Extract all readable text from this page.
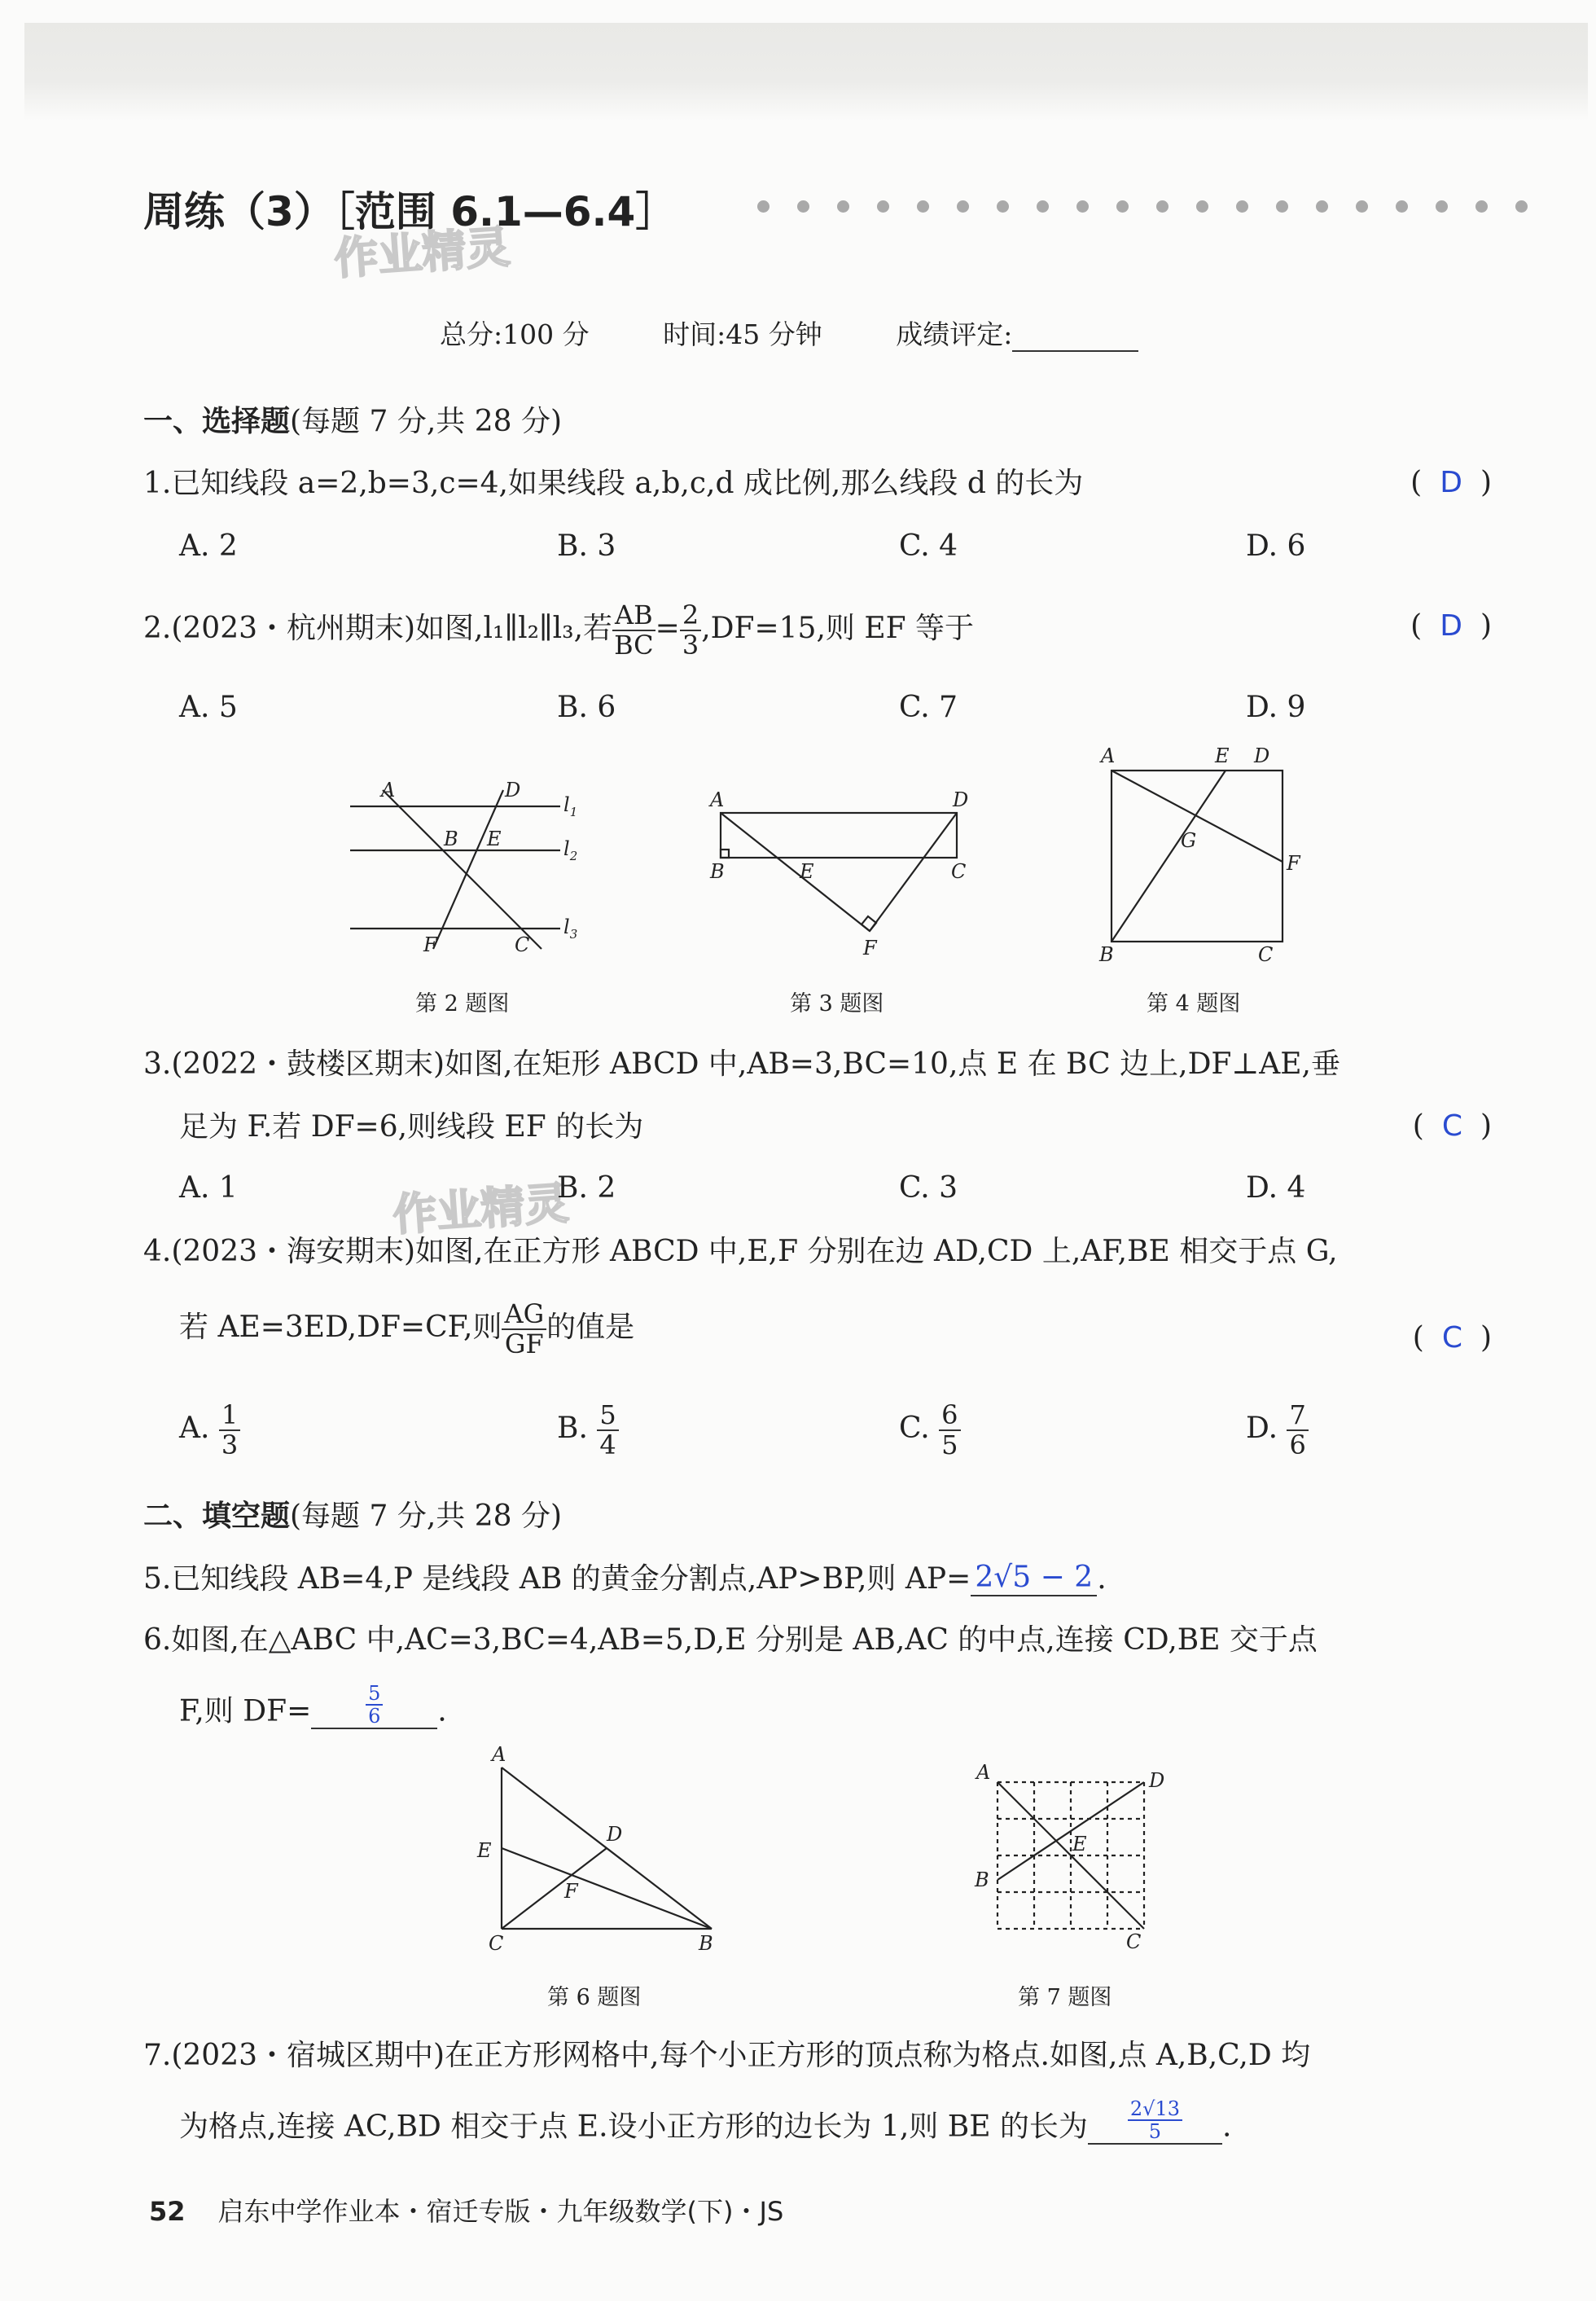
周练（3）［范围 6.1—6.4］
作业精灵
作业精灵
总分:100 分	时间:45 分钟	成绩评定:
一、选择题(每题 7 分,共 28 分)
1.已知线段 a=2,b=3,c=4,如果线段 a,b,c,d 成比例,那么线段 d 的长为	( D )
A. 2	B. 3	C. 4	D. 6
2.(2023・杭州期末)如图,l₁∥l₂∥l₃,若 $\frac{AB}{BC} = \frac{2}{3} ,DF=15$,则 EF 等于	( D )
A. 5	B. 6	C. 7	D. 9
A	D
$l_1$
B E	$l_2$
F	C
$l_3$
第 2 题图
A	D
B	E	C
F
第 3 题图
A	E D
G
F
B	C
第 4 题图
3.(2022・鼓楼区期末)如图,在矩形 ABCD 中,AB=3,BC=10,点 E 在 BC 边上,DF⊥AE,垂
足为 F.若 DF=6,则线段 EF 的长为	( C )
A. 1	B. 2	C. 3	D. 4
4.(2023・海安期末)如图,在正方形 ABCD 中,E,F 分别在边 AD,CD 上,AF,BE 相交于点 G,
若 AE=3ED,DF=CF,则 $\frac{AG}{GF}$ 的值是	( C )
A. $\frac{1}{3}$	B. $\frac{5}{4}$	C. $\frac{6}{5}$	D. $\frac{7}{6}$
二、填空题(每题 7 分,共 28 分)
5.已知线段 AB=4,P 是线段 AB 的黄金分割点,AP>BP,则 AP= 2√5 − 2 .
6.如图,在△ABC 中,AC=3,BC=4,AB=5,D,E 分别是 AB,AC 的中点,连接 CD,BE 交于点
F,则 DF=	$\frac{5}{6}$ .
A
E
D
F
C	B
第 6 题图
A	D
E
B
C
第 7 题图
7.(2023・宿城区期中)在正方形网格中,每个小正方形的顶点称为格点.如图,点 A,B,C,D 均
为格点,连接 AC,BD 相交于点 E.设小正方形的边长为 1,则 BE 的长为 $\frac{2√13}{5}$ .
52 启东中学作业本・宿迁专版・九年级数学(下)・JS
